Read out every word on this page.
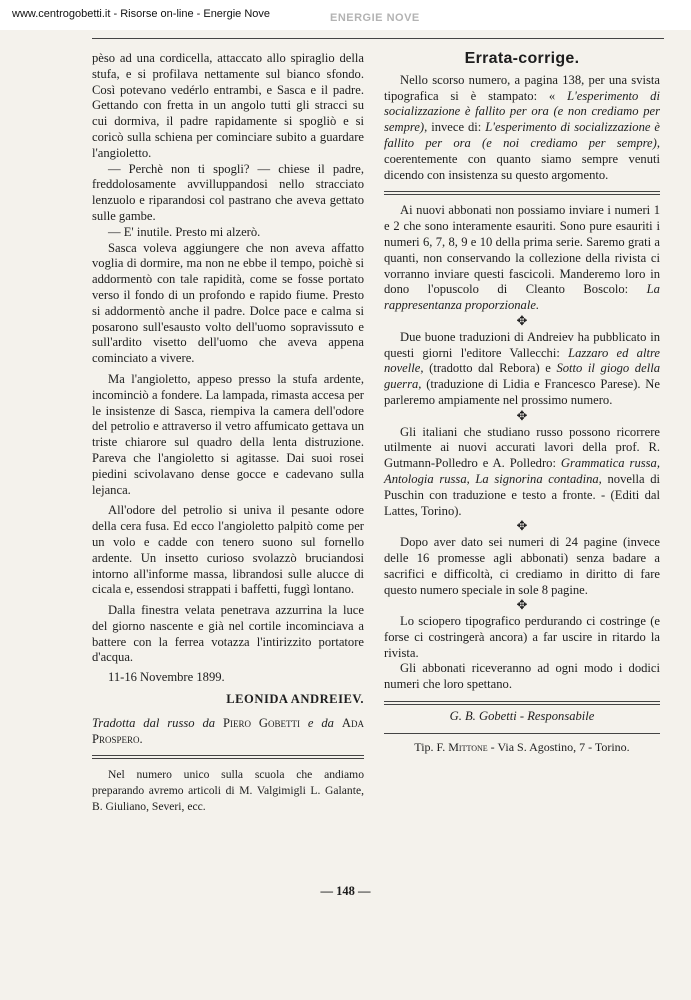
www.centrogobetti.it - Risorse on-line - Energie Nove	ENERGIE NOVE

pèso ad una cordicella, attaccato allo spiraglio della stufa, e si profilava nettamente sul bianco sfondo. Così potevano vedérlo entrambi, e Sasca e il padre. Gettando con fretta in un angolo tutti gli stracci su cui dormiva, il padre rapidamente si spogliò e si coricò sulla schiena per cominciare subito a guardare l'angioletto.

— Perchè non ti spogli? — chiese il padre, freddolosamente avvilluppandosi nello stracciato lenzuolo e riparandosi col pastrano che aveva gettato sulle gambe.

— E' inutile. Presto mi alzerò.

Sasca voleva aggiungere che non aveva affatto voglia di dormire, ma non ne ebbe il tempo, poichè si addormentò con tale rapidità, come se fosse portato verso il fondo di un profondo e rapido fiume. Presto si addormentò anche il padre. Dolce pace e calma si posarono sull'esausto volto dell'uomo sopravissuto e sull'ardito visetto dell'uomo che aveva appena cominciato a vivere.

Ma l'angioletto, appeso presso la stufa ardente, incominciò a fondere. La lampada, rimasta accesa per le insistenze di Sasca, riempiva la camera dell'odore del petrolio e attraverso il vetro affumicato gettava un triste chiarore sul quadro della lenta distruzione. Pareva che l'angioletto si agitasse. Dai suoi rosei piedini scivolavano dense gocce e cadevano sulla lejanca.

All'odore del petrolio si univa il pesante odore della cera fusa. Ed ecco l'angioletto palpitò come per un volo e cadde con tenero suono sul fornello ardente. Un insetto curioso svolazzò bruciandosi intorno all'informe massa, librandosi sulle alucce di cicala e, essendosi strappati i baffetti, fuggì lontano.

Dalla finestra velata penetrava azzurrina la luce del giorno nascente e già nel cortile incominciava a battere con la ferrea votazza l'intirizzito portatore d'acqua.

11-16 Novembre 1899.

LEONIDA ANDREIEV.

Tradotta dal russo da Piero Gobetti e da Ada Prospero.

Nel numero unico sulla scuola che andiamo preparando avremo articoli di M. Valgimigli L. Galante, B. Giuliano, Severi, ecc.

Errata-corrige.

Nello scorso numero, a pagina 138, per una svista tipografica si è stampato: « L'esperimento di socializzazione è fallito per ora (e non crediamo per sempre), invece di: L'esperimento di socializzazione è fallito per ora (e noi crediamo per sempre), coerentemente con quanto siamo sempre venuti dicendo con insistenza su questo argomento.

Ai nuovi abbonati non possiamo inviare i numeri 1 e 2 che sono interamente esauriti. Sono pure esauriti i numeri 6, 7, 8, 9 e 10 della prima serie. Saremo grati a quanti, non conservando la collezione della rivista ci vorranno inviare questi fascicoli. Manderemo loro in dono l'opuscolo di Cleanto Boscolo: La rappresentanza proporzionale.

✥

Due buone traduzioni di Andreiev ha pubblicato in questi giorni l'editore Vallecchi: Lazzaro ed altre novelle, (tradotto dal Rebora) e Sotto il giogo della guerra, (traduzione di Lidia e Francesco Parese). Ne parleremo ampiamente nel prossimo numero.

✥

Gli italiani che studiano russo possono ricorrere utilmente ai nuovi accurati lavori della prof. R. Gutmann-Polledro e A. Polledro: Grammatica russa, Antologia russa, La signorina contadina, novella di Puschin con traduzione e testo a fronte. - (Editi dal Lattes, Torino).

✥

Dopo aver dato sei numeri di 24 pagine (invece delle 16 promesse agli abbonati) senza badare a sacrifici e difficoltà, ci crediamo in diritto di fare questo numero speciale in sole 8 pagine.

✥

Lo sciopero tipografico perdurando ci costringe (e forse ci costringerà ancora) a far uscire in ritardo la rivista.

Gli abbonati riceveranno ad ogni modo i dodici numeri che loro spettano.

G. B. Gobetti - Responsabile

Tip. F. Mittone - Via S. Agostino, 7 - Torino.

— 148 —
